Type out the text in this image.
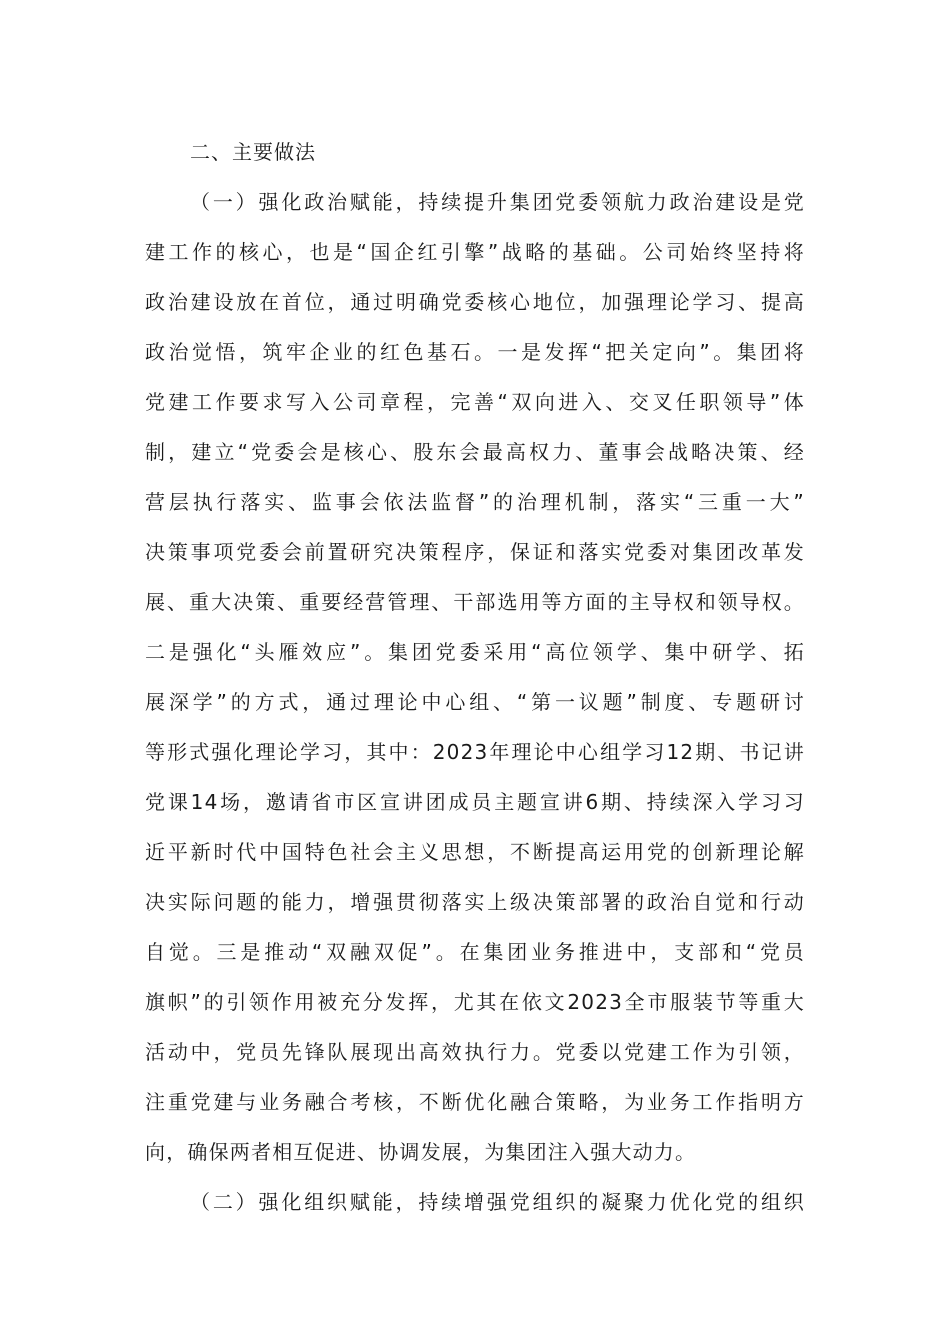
二、主要做法
（一）强化政治赋能，持续提升集团党委领航力政治建设是党
建工作的核心，也是“国企红引擎”战略的基础。公司始终坚持将
政治建设放在首位，通过明确党委核心地位，加强理论学习、提高
政治觉悟，筑牢企业的红色基石。一是发挥“把关定向”。集团将
党建工作要求写入公司章程，完善“双向进入、交叉任职领导”体
制，建立“党委会是核心、股东会最高权力、董事会战略决策、经
营层执行落实、监事会依法监督”的治理机制，落实“三重一大”
决策事项党委会前置研究决策程序，保证和落实党委对集团改革发
展、重大决策、重要经营管理、干部选用等方面的主导权和领导权。
二是强化“头雁效应”。集团党委采用“高位领学、集中研学、拓
展深学”的方式，通过理论中心组、“第一议题”制度、专题研讨
等形式强化理论学习，其中：2023年理论中心组学习12期、书记讲
党课14场，邀请省市区宣讲团成员主题宣讲6期、持续深入学习习
近平新时代中国特色社会主义思想，不断提高运用党的创新理论解
决实际问题的能力，增强贯彻落实上级决策部署的政治自觉和行动
自觉。三是推动“双融双促”。在集团业务推进中，支部和“党员
旗帜”的引领作用被充分发挥，尤其在依文2023全市服装节等重大
活动中，党员先锋队展现出高效执行力。党委以党建工作为引领，
注重党建与业务融合考核，不断优化融合策略，为业务工作指明方
向，确保两者相互促进、协调发展，为集团注入强大动力。
（二）强化组织赋能，持续增强党组织的凝聚力优化党的组织
